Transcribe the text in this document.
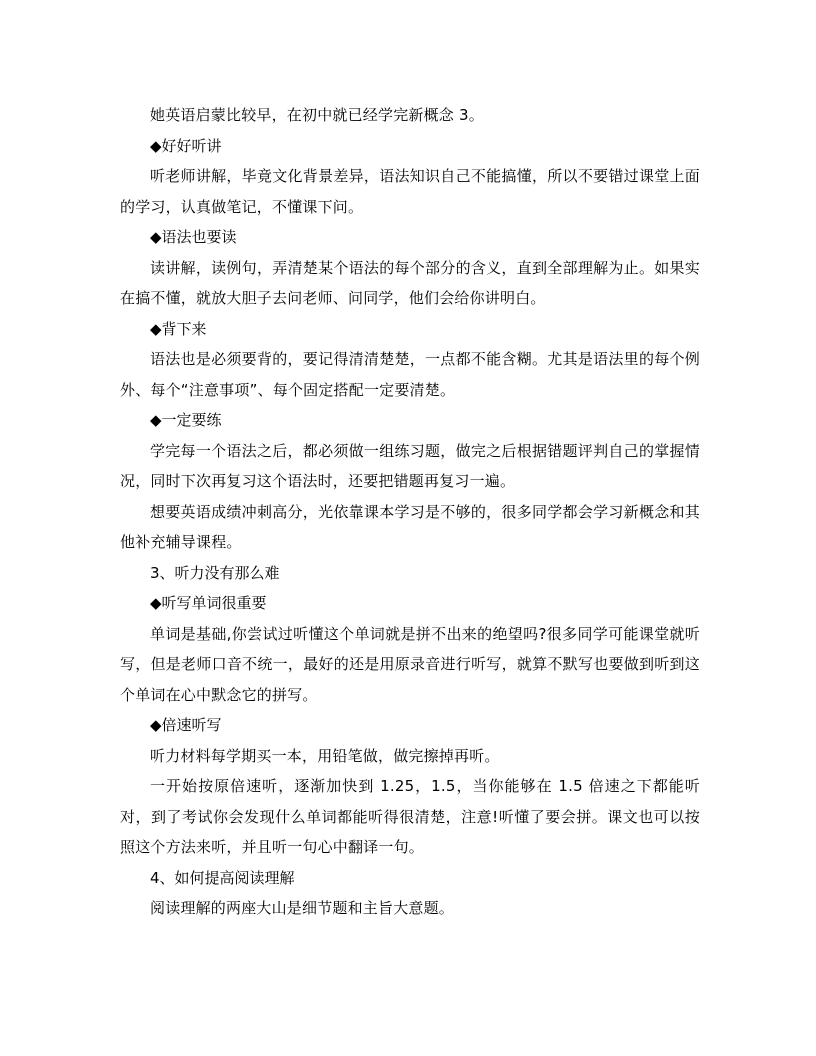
她英语启蒙比较早，在初中就已经学完新概念 3。

◆好好听讲

听老师讲解，毕竟文化背景差异，语法知识自己不能搞懂，所以不要错过课堂上面的学习，认真做笔记，不懂课下问。

◆语法也要读

读讲解，读例句，弄清楚某个语法的每个部分的含义，直到全部理解为止。如果实在搞不懂，就放大胆子去问老师、问同学，他们会给你讲明白。

◆背下来

语法也是必须要背的，要记得清清楚楚，一点都不能含糊。尤其是语法里的每个例外、每个“注意事项”、每个固定搭配一定要清楚。

◆一定要练

学完每一个语法之后，都必须做一组练习题，做完之后根据错题评判自己的掌握情况，同时下次再复习这个语法时，还要把错题再复习一遍。

想要英语成绩冲刺高分，光依靠课本学习是不够的，很多同学都会学习新概念和其他补充辅导课程。

3、听力没有那么难

◆听写单词很重要

单词是基础,你尝试过听懂这个单词就是拼不出来的绝望吗?很多同学可能课堂就听写，但是老师口音不统一，最好的还是用原录音进行听写，就算不默写也要做到听到这个单词在心中默念它的拼写。

◆倍速听写

听力材料每学期买一本，用铅笔做，做完擦掉再听。

一开始按原倍速听，逐渐加快到 1.25，1.5，当你能够在 1.5 倍速之下都能听对，到了考试你会发现什么单词都能听得很清楚，注意!听懂了要会拼。课文也可以按照这个方法来听，并且听一句心中翻译一句。

4、如何提高阅读理解

阅读理解的两座大山是细节题和主旨大意题。
